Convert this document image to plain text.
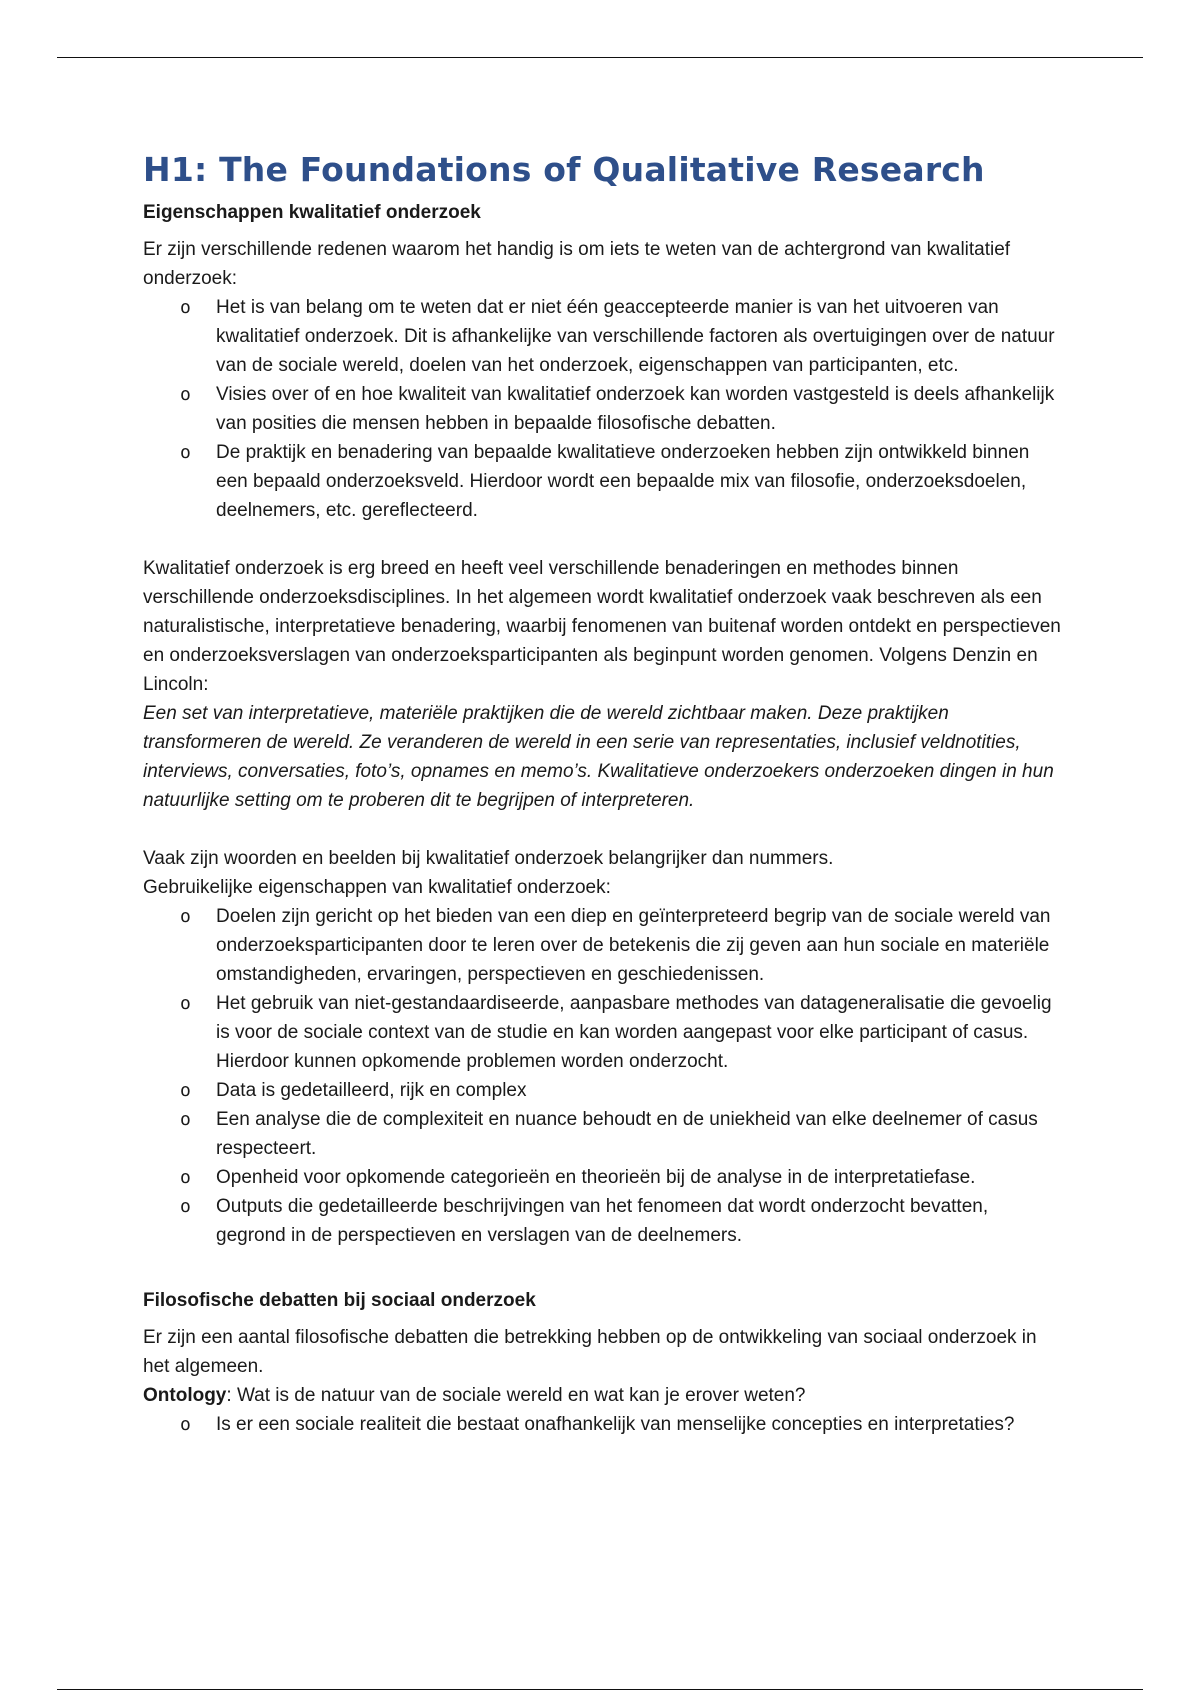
H1: The Foundations of Qualitative Research
Eigenschappen kwalitatief onderzoek

Er zijn verschillende redenen waarom het handig is om iets te weten van de achtergrond van kwalitatief onderzoek:

o Het is van belang om te weten dat er niet één geaccepteerde manier is van het uitvoeren van kwalitatief onderzoek. Dit is afhankelijke van verschillende factoren als overtuigingen over de natuur van de sociale wereld, doelen van het onderzoek, eigenschappen van participanten, etc.
o Visies over of en hoe kwaliteit van kwalitatief onderzoek kan worden vastgesteld is deels afhankelijk van posities die mensen hebben in bepaalde filosofische debatten.
o De praktijk en benadering van bepaalde kwalitatieve onderzoeken hebben zijn ontwikkeld binnen een bepaald onderzoeksveld. Hierdoor wordt een bepaalde mix van filosofie, onderzoeksdoelen, deelnemers, etc. gereflecteerd.

Kwalitatief onderzoek is erg breed en heeft veel verschillende benaderingen en methodes binnen verschillende onderzoeksdisciplines. In het algemeen wordt kwalitatief onderzoek vaak beschreven als een naturalistische, interpretatieve benadering, waarbij fenomenen van buitenaf worden ontdekt en perspectieven en onderzoeksverslagen van onderzoeksparticipanten als beginpunt worden genomen. Volgens Denzin en Lincoln:

Een set van interpretatieve, materiële praktijken die de wereld zichtbaar maken. Deze praktijken transformeren de wereld. Ze veranderen de wereld in een serie van representaties, inclusief veldnotities, interviews, conversaties, foto’s, opnames en memo’s. Kwalitatieve onderzoekers onderzoeken dingen in hun natuurlijke setting om te proberen dit te begrijpen of interpreteren.

Vaak zijn woorden en beelden bij kwalitatief onderzoek belangrijker dan nummers.

Gebruikelijke eigenschappen van kwalitatief onderzoek:

o Doelen zijn gericht op het bieden van een diep en geïnterpreteerd begrip van de sociale wereld van onderzoeksparticipanten door te leren over de betekenis die zij geven aan hun sociale en materiële omstandigheden, ervaringen, perspectieven en geschiedenissen.
o Het gebruik van niet-gestandaardiseerde, aanpasbare methodes van datageneralisatie die gevoelig is voor de sociale context van de studie en kan worden aangepast voor elke participant of casus. Hierdoor kunnen opkomende problemen worden onderzocht.
o Data is gedetailleerd, rijk en complex
o Een analyse die de complexiteit en nuance behoudt en de uniekheid van elke deelnemer of casus respecteert.
o Openheid voor opkomende categorieën en theorieën bij de analyse in de interpretatiefase.
o Outputs die gedetailleerde beschrijvingen van het fenomeen dat wordt onderzocht bevatten, gegrond in de perspectieven en verslagen van de deelnemers.
Filosofische debatten bij sociaal onderzoek

Er zijn een aantal filosofische debatten die betrekking hebben op de ontwikkeling van sociaal onderzoek in het algemeen.

Ontology: Wat is de natuur van de sociale wereld en wat kan je erover weten?

o Is er een sociale realiteit die bestaat onafhankelijk van menselijke concepties en interpretaties?
